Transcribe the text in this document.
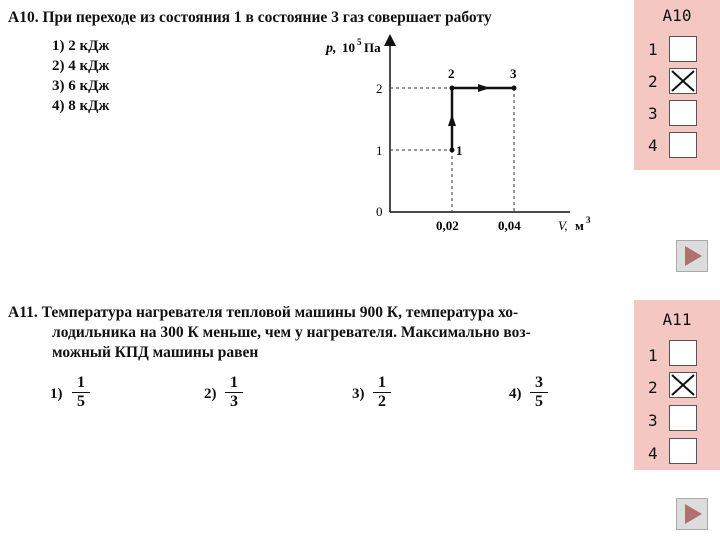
А10. При переходе из состояния 1 в состояние 3 газ совершает работу
1) 2 кДж
2) 4 кДж
3) 6 кДж
4) 8 кДж
p, 10 5 Па
2
1
0
0,02	0,04	V, м 3
1
2	3
А10
1
2
3
4
А11. Температура нагревателя тепловой машины 900 К, температура хо-
лодильника на 300 К меньше, чем у нагревателя. Максимально воз-
можный КПД машины равен
$1) \frac{1}{5}$	$2) \frac{1}{3}$	$3) \frac{1}{2}$	$4) \frac{3}{5}$
А11
1
2
3
4
